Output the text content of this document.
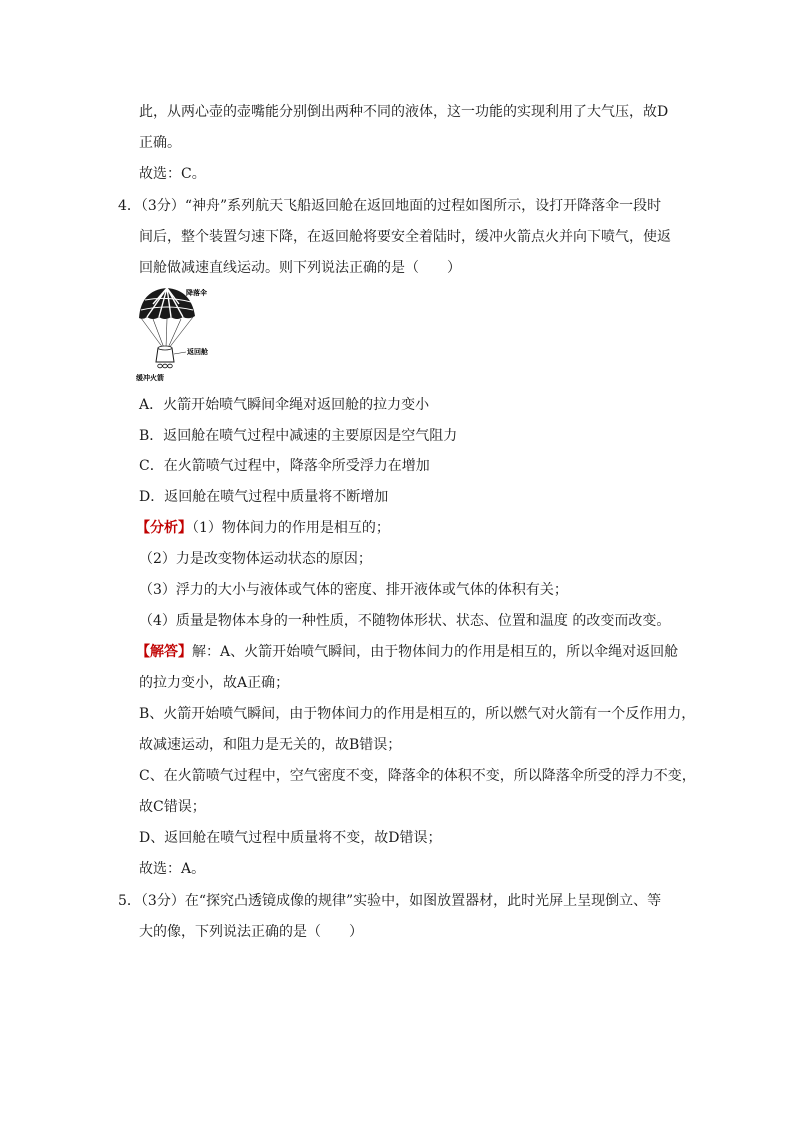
此，从两心壶的壶嘴能分别倒出两种不同的液体，这一功能的实现利用了大气压，故D
正确。
故选：C。
4．（3分）“神舟”系列航天飞船返回舱在返回地面的过程如图所示，设打开降落伞一段时
间后，整个装置匀速下降，在返回舱将要安全着陆时，缓冲火箭点火并向下喷气，使返
回舱做减速直线运动。则下列说法正确的是（　　）
降落伞
返回舱
缓冲火箭
A．火箭开始喷气瞬间伞绳对返回舱的拉力变小
B．返回舱在喷气过程中减速的主要原因是空气阻力
C．在火箭喷气过程中，降落伞所受浮力在增加
D．返回舱在喷气过程中质量将不断增加
【分析】（1）物体间力的作用是相互的；
（2）力是改变物体运动状态的原因；
（3）浮力的大小与液体或气体的密度、排开液体或气体的体积有关；
（4）质量是物体本身的一种性质，不随物体形状、状态、位置和温度 的改变而改变。
【解答】解：A、火箭开始喷气瞬间，由于物体间力的作用是相互的，所以伞绳对返回舱
的拉力变小，故A正确；
B、火箭开始喷气瞬间，由于物体间力的作用是相互的，所以燃气对火箭有一个反作用力，
故减速运动，和阻力是无关的，故B错误；
C、在火箭喷气过程中，空气密度不变，降落伞的体积不变，所以降落伞所受的浮力不变，
故C错误；
D、返回舱在喷气过程中质量将不变，故D错误；
故选：A。
5．（3分）在“探究凸透镜成像的规律”实验中，如图放置器材，此时光屏上呈现倒立、等
大的像，下列说法正确的是（　　）
